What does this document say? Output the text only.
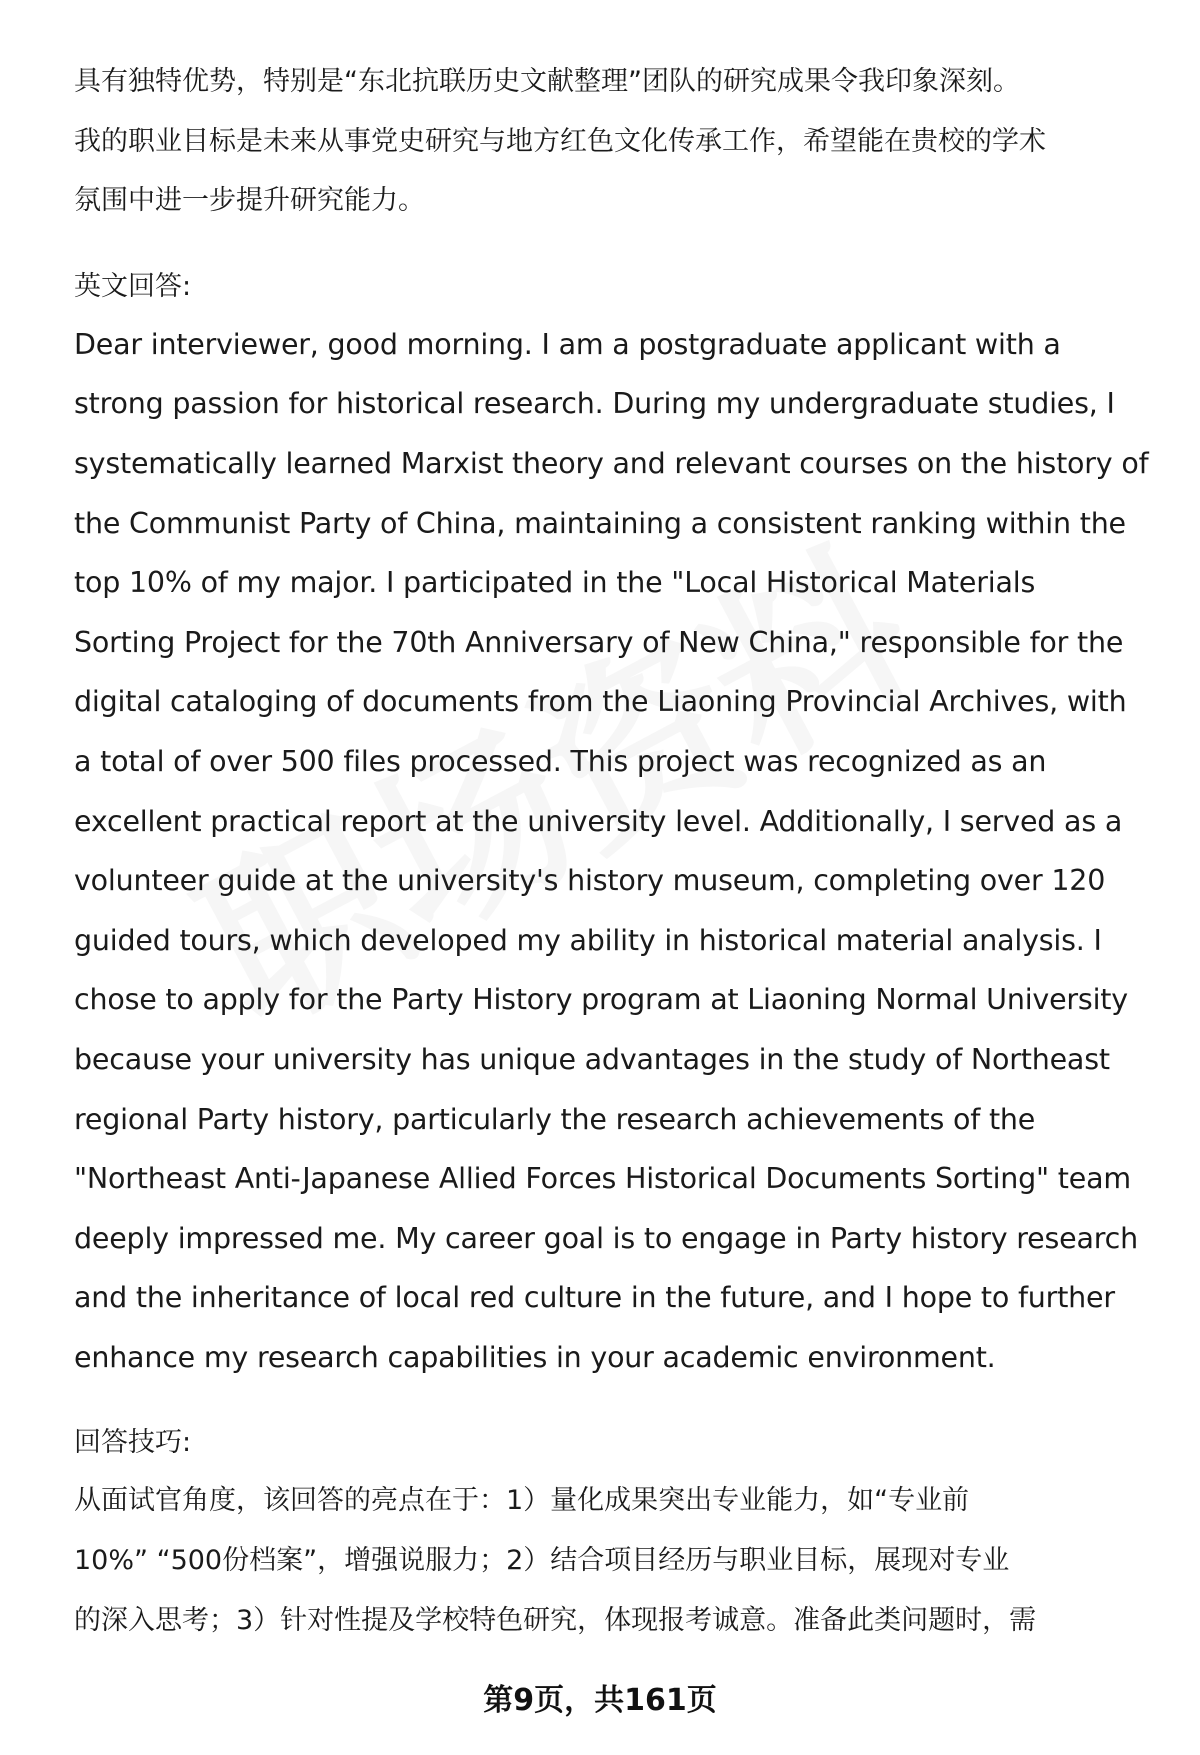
具有独特优势，特别是“东北抗联历史文献整理”团队的研究成果令我印象深刻。
我的职业目标是未来从事党史研究与地方红色文化传承工作，希望能在贵校的学术
氛围中进一步提升研究能力。
英文回答:
Dear interviewer, good morning. I am a postgraduate applicant with a
strong passion for historical research. During my undergraduate studies, I
systematically learned Marxist theory and relevant courses on the history of
the Communist Party of China, maintaining a consistent ranking within the
top 10% of my major. I participated in the "Local Historical Materials
Sorting Project for the 70th Anniversary of New China," responsible for the
digital cataloging of documents from the Liaoning Provincial Archives, with
a total of over 500 files processed. This project was recognized as an
excellent practical report at the university level. Additionally, I served as a
volunteer guide at the university's history museum, completing over 120
guided tours, which developed my ability in historical material analysis. I
chose to apply for the Party History program at Liaoning Normal University
because your university has unique advantages in the study of Northeast
regional Party history, particularly the research achievements of the
"Northeast Anti-Japanese Allied Forces Historical Documents Sorting" team
deeply impressed me. My career goal is to engage in Party history research
and the inheritance of local red culture in the future, and I hope to further
enhance my research capabilities in your academic environment.
回答技巧:
从面试官角度，该回答的亮点在于：1）量化成果突出专业能力，如“专业前
10%” “500份档案”，增强说服力；2）结合项目经历与职业目标，展现对专业
的深入思考；3）针对性提及学校特色研究，体现报考诚意。准备此类问题时，需
第9页，共161页
